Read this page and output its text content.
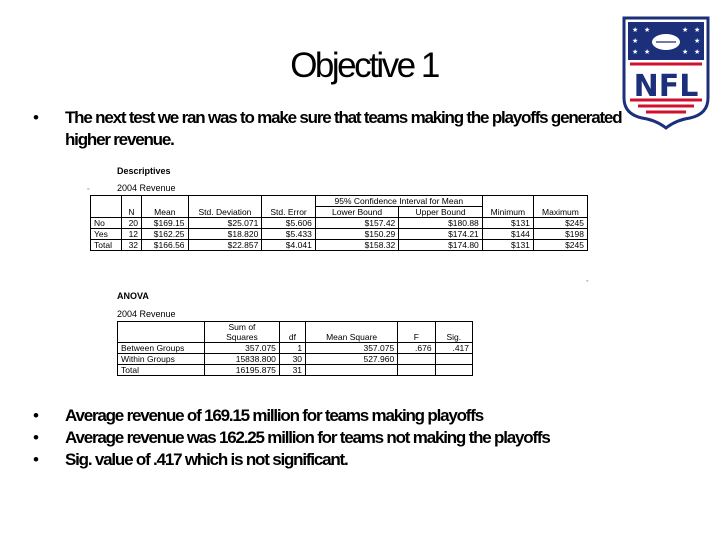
Objective 1
★ ★	★ ★
★	★
★ ★	★ ★
NFL
• The next test we ran was to make sure that teams making the playoffs generated
higher revenue.
Descriptives
2004 Revenue
◦
	N	Mean	Std. Deviation	Std. Error	95% Confidence Interval for Mean		Minimum	Maximum
					Lower Bound	Upper Bound		
No	20	$169.15	$25.071	$5.606	$157.42	$180.88	$131	$245
Yes	12	$162.25	$18.820	$5.433	$150.29	$174.21	$144	$198
Total	32	$166.56	$22.857	$4.041	$158.32	$174.80	$131	$245
◦
ANOVA
2004 Revenue
	Sum of
Squares	df	Mean Square	F	Sig.
Between Groups	357.075	1	357.075	.676	.417
Within Groups	15838.800	30	527.960		
Total	16195.875	31			
• Average revenue of 169.15 million for teams making playoffs
• Average revenue was 162.25 million for teams not making the playoffs
• Sig. value of .417 which is not significant.
